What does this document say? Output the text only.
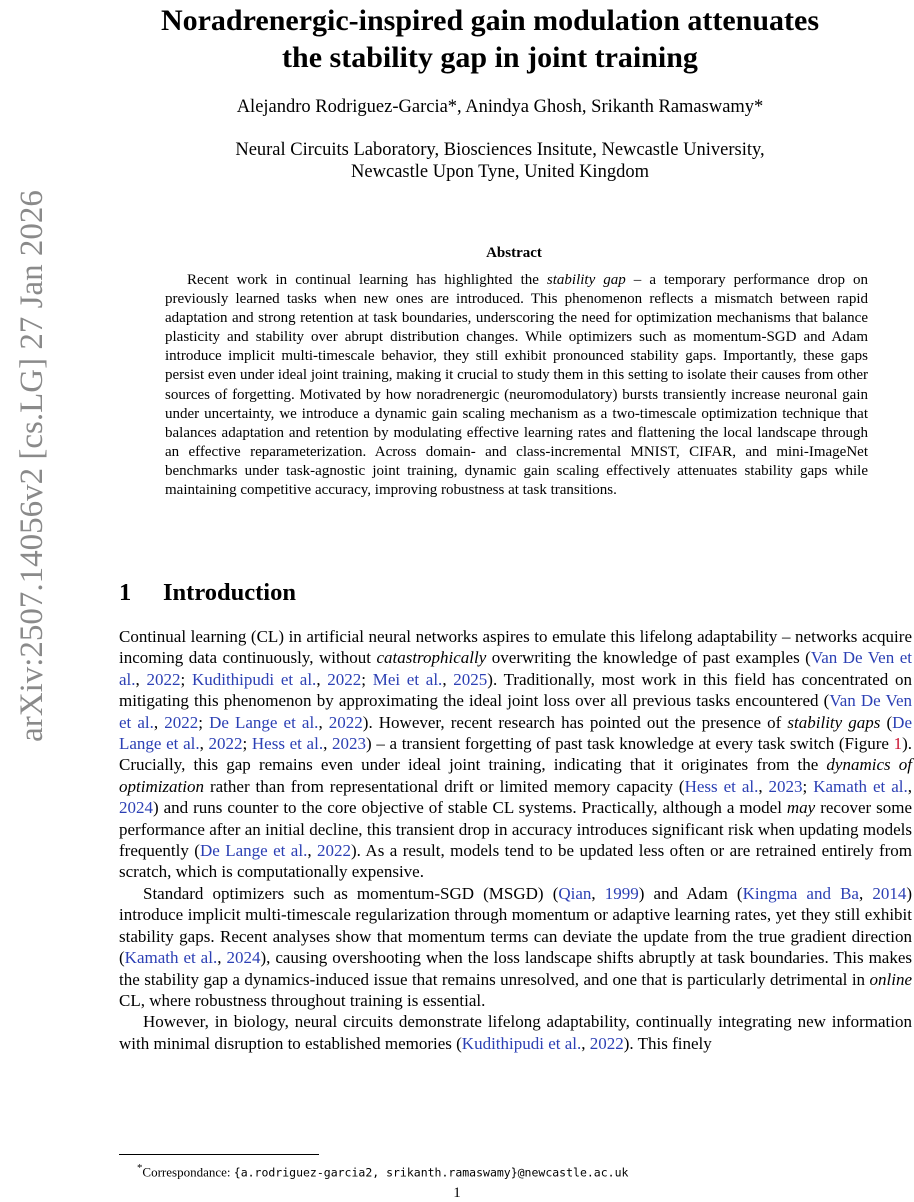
arXiv:2507.14056v2 [cs.LG] 27 Jan 2026
Noradrenergic-inspired gain modulation attenuates
the stability gap in joint training
Alejandro Rodriguez-Garcia*, Anindya Ghosh, Srikanth Ramaswamy*
Neural Circuits Laboratory, Biosciences Insitute, Newcastle University,
Newcastle Upon Tyne, United Kingdom
Abstract
Recent work in continual learning has highlighted the stability gap – a temporary performance drop on previously learned tasks when new ones are introduced. This phenomenon reflects a mismatch between rapid adaptation and strong retention at task boundaries, underscoring the need for optimization mechanisms that balance plasticity and stability over abrupt distribution changes. While optimizers such as momentum-SGD and Adam introduce implicit multi-timescale behavior, they still exhibit pronounced stability gaps. Importantly, these gaps persist even under ideal joint training, making it crucial to study them in this setting to isolate their causes from other sources of forgetting. Motivated by how noradrenergic (neuromodulatory) bursts transiently increase neuronal gain under uncertainty, we introduce a dynamic gain scaling mechanism as a two-timescale optimization technique that balances adaptation and retention by modulating effective learning rates and flattening the local landscape through an effective reparameterization. Across domain- and class-incremental MNIST, CIFAR, and mini-ImageNet benchmarks under task-agnostic joint training, dynamic gain scaling effectively attenuates stability gaps while maintaining competitive accuracy, improving robustness at task transitions.
1 Introduction

Continual learning (CL) in artificial neural networks aspires to emulate this lifelong adaptability – networks acquire incoming data continuously, without catastrophically overwriting the knowledge of past examples (Van De Ven et al., 2022; Kudithipudi et al., 2022; Mei et al., 2025). Traditionally, most work in this field has concentrated on mitigating this phenomenon by approximating the ideal joint loss over all previous tasks encountered (Van De Ven et al., 2022; De Lange et al., 2022). However, recent research has pointed out the presence of stability gaps (De Lange et al., 2022; Hess et al., 2023) – a transient forgetting of past task knowledge at every task switch (Figure 1). Crucially, this gap remains even under ideal joint training, indicating that it originates from the dynamics of optimization rather than from representational drift or limited memory capacity (Hess et al., 2023; Kamath et al., 2024) and runs counter to the core objective of stable CL systems. Practically, although a model may recover some performance after an initial decline, this transient drop in accuracy introduces significant risk when updating models frequently (De Lange et al., 2022). As a result, models tend to be updated less often or are retrained entirely from scratch, which is computationally expensive.

Standard optimizers such as momentum-SGD (MSGD) (Qian, 1999) and Adam (Kingma and Ba, 2014) introduce implicit multi-timescale regularization through momentum or adaptive learning rates, yet they still exhibit stability gaps. Recent analyses show that momentum terms can deviate the update from the true gradient direction (Kamath et al., 2024), causing overshooting when the loss landscape shifts abruptly at task boundaries. This makes the stability gap a dynamics-induced issue that remains unresolved, and one that is particularly detrimental in online CL, where robustness throughout training is essential.

However, in biology, neural circuits demonstrate lifelong adaptability, continually integrating new information with minimal disruption to established memories (Kudithipudi et al., 2022). This finely

*Correspondance: {a.rodriguez-garcia2, srikanth.ramaswamy}@newcastle.ac.uk
1
